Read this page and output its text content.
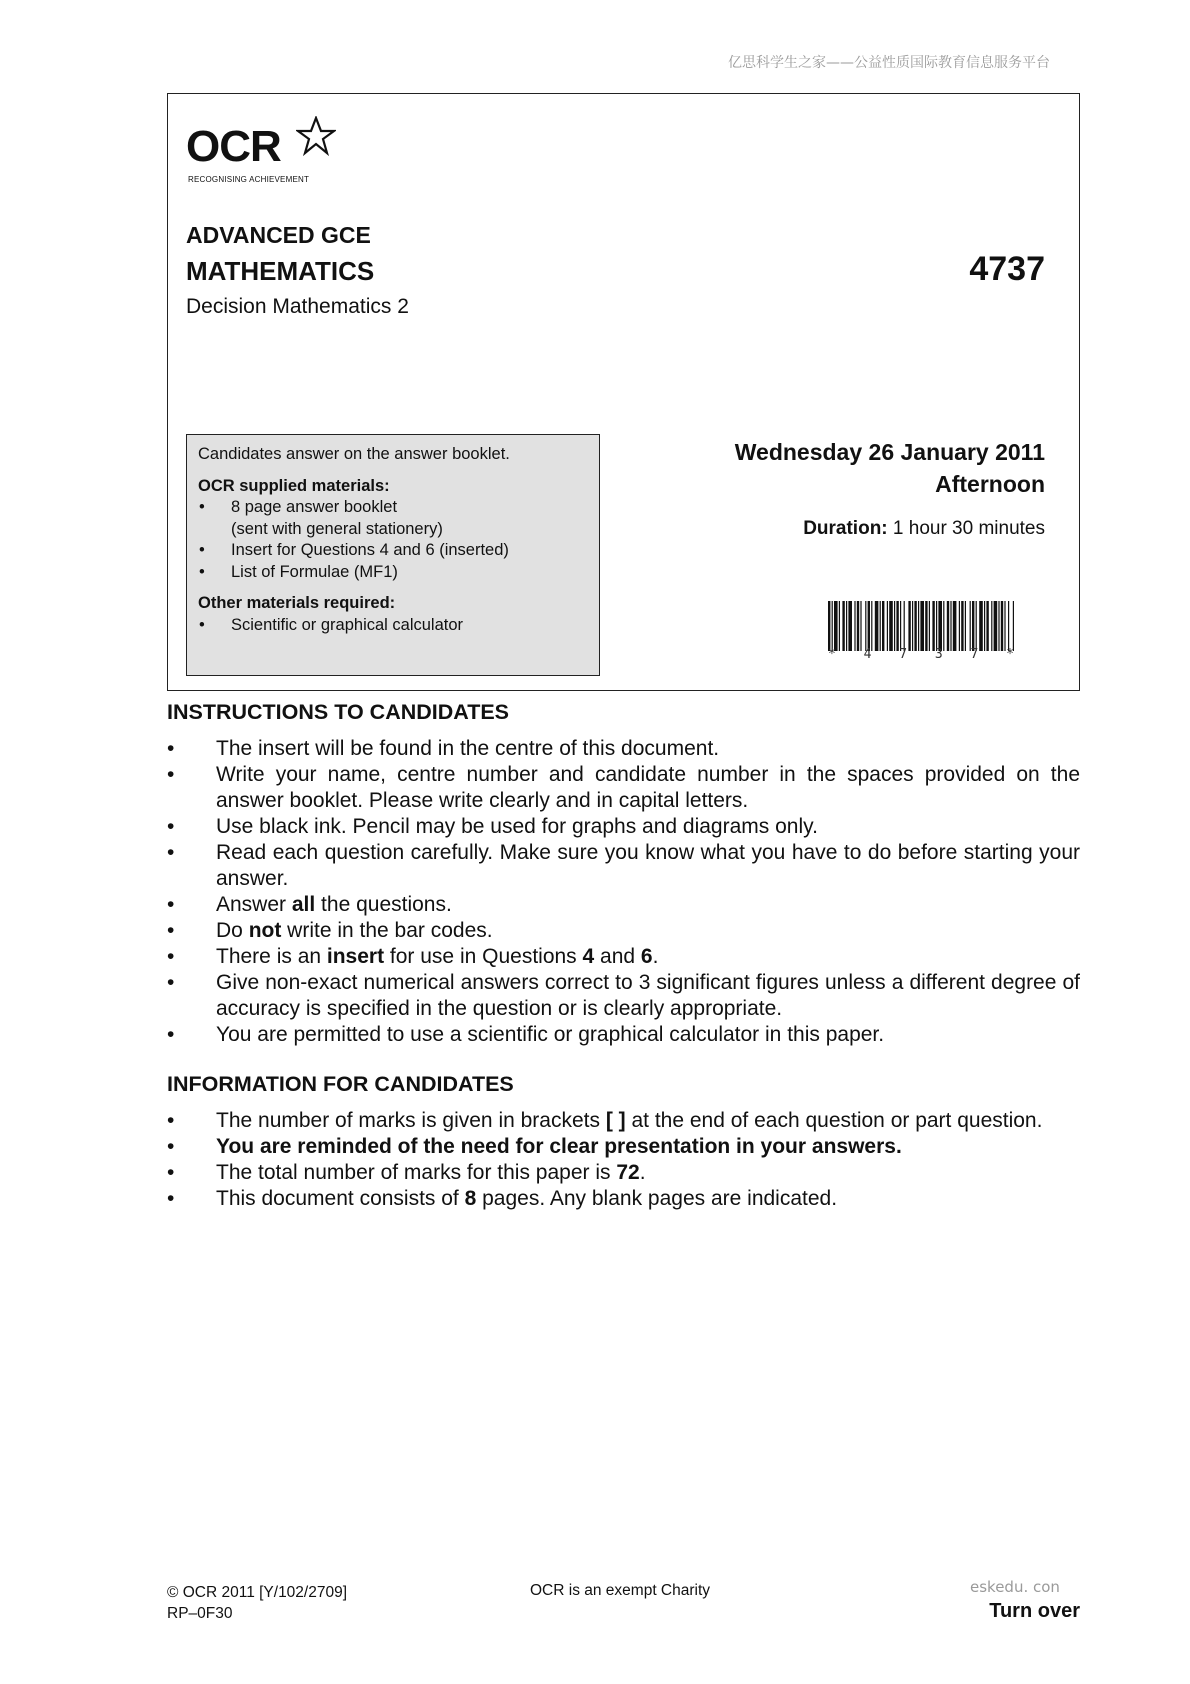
亿思科学生之家——公益性质国际教育信息服务平台
OCR
RECOGNISING ACHIEVEMENT
ADVANCED GCE
MATHEMATICS
Decision Mathematics 2
4737
Candidates answer on the answer booklet.
OCR supplied materials:
• 8 page answer booklet
(sent with general stationery)
• Insert for Questions 4 and 6 (inserted)
• List of Formulae (MF1)
Other materials required:
• Scientific or graphical calculator
Wednesday 26 January 2011
Afternoon
Duration: 1 hour 30 minutes
* 4 7 3 7 *
INSTRUCTIONS TO CANDIDATES
• The insert will be found in the centre of this document.
• Write your name, centre number and candidate number in the spaces provided on the answer booklet. Please write clearly and in capital letters.
• Use black ink. Pencil may be used for graphs and diagrams only.
• Read each question carefully. Make sure you know what you have to do before starting your answer.
• Answer all the questions.
• Do not write in the bar codes.
• There is an insert for use in Questions 4 and 6.
• Give non-exact numerical answers correct to 3 significant figures unless a different degree of accuracy is specified in the question or is clearly appropriate.
• You are permitted to use a scientific or graphical calculator in this paper.
INFORMATION FOR CANDIDATES
• The number of marks is given in brackets [ ] at the end of each question or part question.
• You are reminded of the need for clear presentation in your answers.
• The total number of marks for this paper is 72.
• This document consists of 8 pages. Any blank pages are indicated.
© OCR 2011 [Y/102/2709]
RP–0F30
OCR is an exempt Charity	eskedu. con
Turn over
